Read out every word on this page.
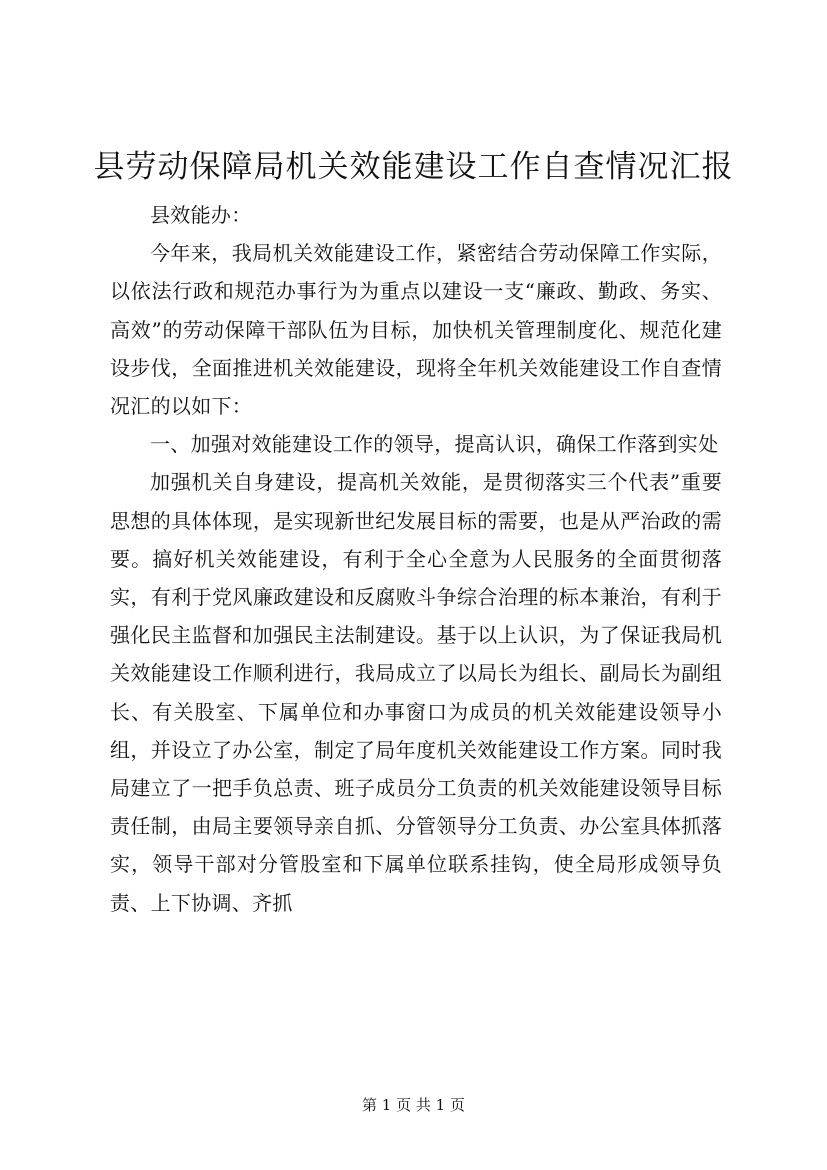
县劳动保障局机关效能建设工作自查情况汇报

县效能办：

今年来，我局机关效能建设工作，紧密结合劳动保障工作实际，以依法行政和规范办事行为为重点以建设一支“廉政、勤政、务实、高效”的劳动保障干部队伍为目标，加快机关管理制度化、规范化建设步伐，全面推进机关效能建设，现将全年机关效能建设工作自查情况汇的以如下：

一、加强对效能建设工作的领导，提高认识，确保工作落到实处

加强机关自身建设，提高机关效能，是贯彻落实三个代表”重要思想的具体体现，是实现新世纪发展目标的需要，也是从严治政的需要。搞好机关效能建设，有利于全心全意为人民服务的全面贯彻落实，有利于党风廉政建设和反腐败斗争综合治理的标本兼治，有利于强化民主监督和加强民主法制建设。基于以上认识，为了保证我局机关效能建设工作顺利进行，我局成立了以局长为组长、副局长为副组长、有关股室、下属单位和办事窗口为成员的机关效能建设领导小组，并设立了办公室，制定了局年度机关效能建设工作方案。同时我局建立了一把手负总责、班子成员分工负责的机关效能建设领导目标责任制，由局主要领导亲自抓、分管领导分工负责、办公室具体抓落实，领导干部对分管股室和下属单位联系挂钩，使全局形成领导负责、上下协调、齐抓

第 1 页 共 1 页
